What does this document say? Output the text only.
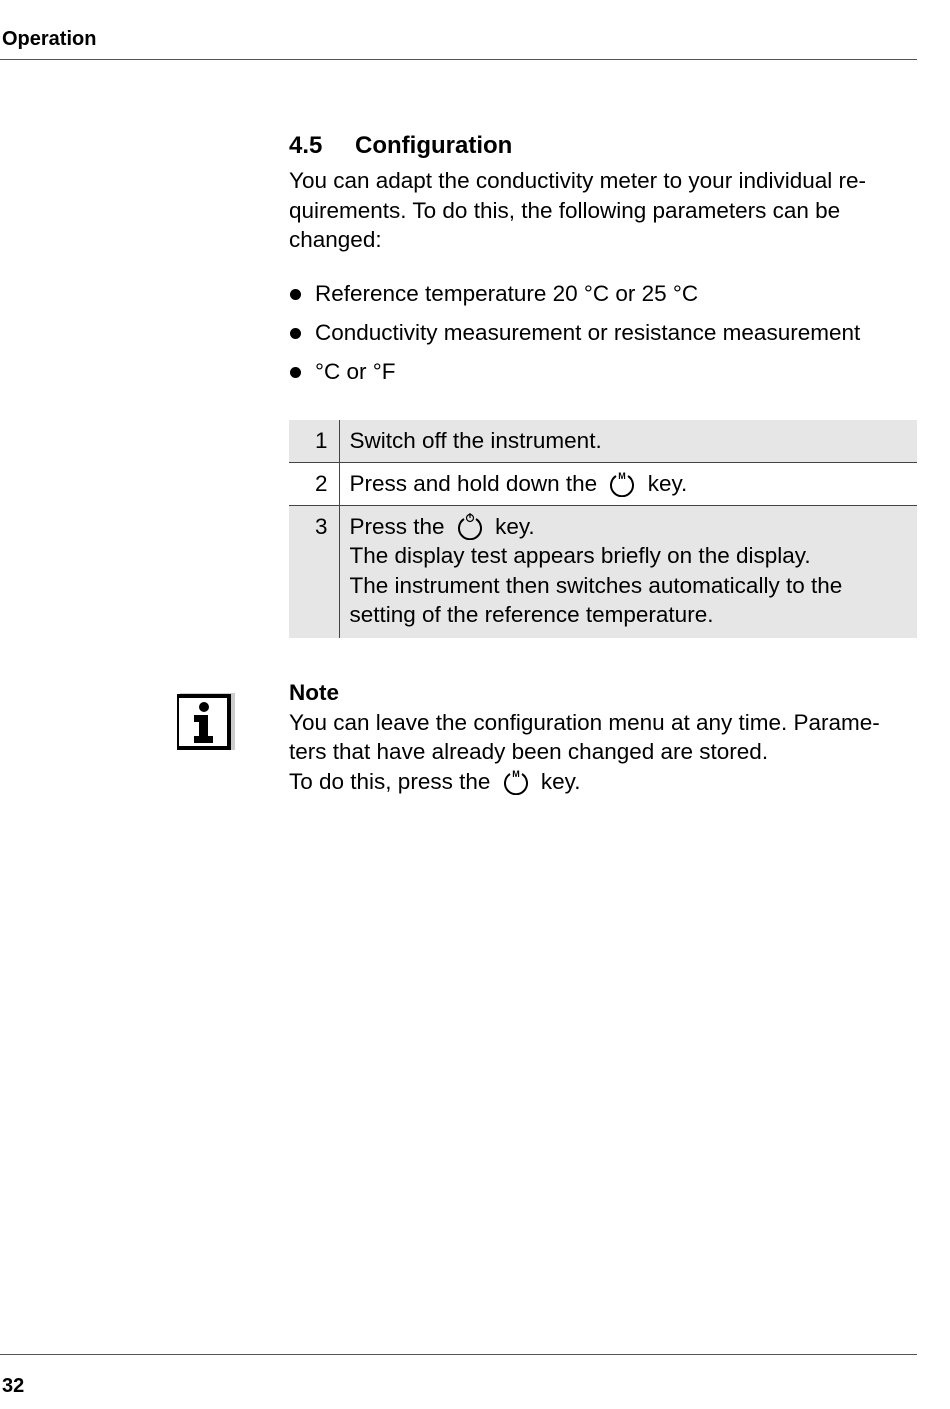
Operation
4.5 Configuration

You can adapt the conductivity meter to your individual re-
quirements. To do this, the following parameters can be
changed:

Reference temperature 20 °C or 25 °C
Conductivity measurement or resistance measurement
°C or °F
1	Switch off the instrument.
2	Press and hold down the M key.
3	Press the key.
The display test appears briefly on the display.
The instrument then switches automatically to the
setting of the reference temperature.

Note

You can leave the configuration menu at any time. Parame-
ters that have already been changed are stored.

To do this, press the M key.

32
